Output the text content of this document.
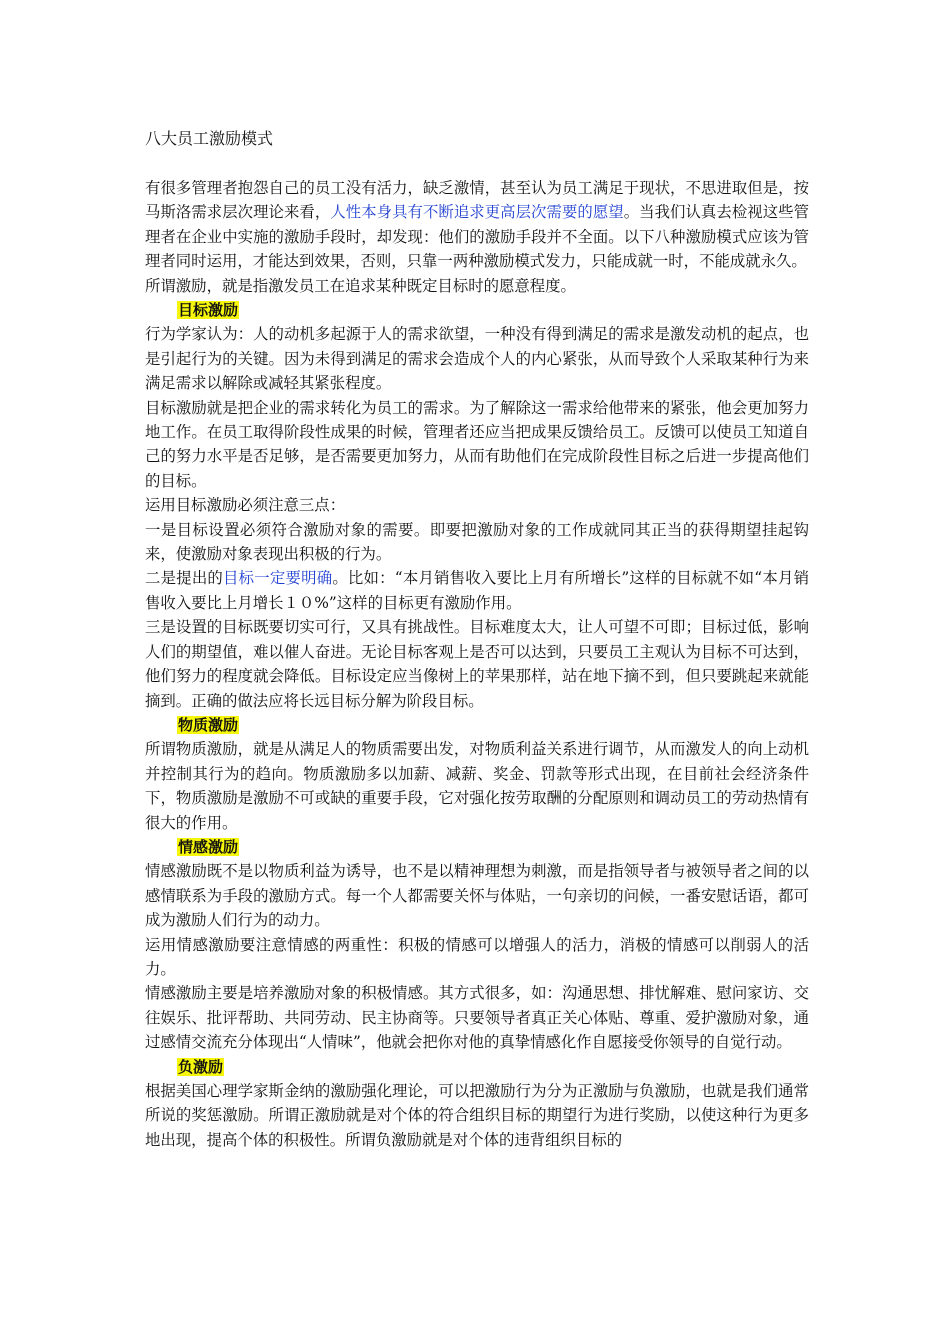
八大员工激励模式

有很多管理者抱怨自己的员工没有活力，缺乏激情，甚至认为员工满足于现状，不思进取但是，按马斯洛需求层次理论来看，人性本身具有不断追求更高层次需要的愿望。当我们认真去检视这些管理者在企业中实施的激励手段时，却发现：他们的激励手段并不全面。以下八种激励模式应该为管理者同时运用，才能达到效果，否则，只靠一两种激励模式发力，只能成就一时，不能成就永久。

所谓激励，就是指激发员工在追求某种既定目标时的愿意程度。

目标激励

行为学家认为：人的动机多起源于人的需求欲望，一种没有得到满足的需求是激发动机的起点，也是引起行为的关键。因为未得到满足的需求会造成个人的内心紧张，从而导致个人采取某种行为来满足需求以解除或减轻其紧张程度。

目标激励就是把企业的需求转化为员工的需求。为了解除这一需求给他带来的紧张，他会更加努力地工作。在员工取得阶段性成果的时候，管理者还应当把成果反馈给员工。反馈可以使员工知道自己的努力水平是否足够，是否需要更加努力，从而有助他们在完成阶段性目标之后进一步提高他们的目标。

运用目标激励必须注意三点：

一是目标设置必须符合激励对象的需要。即要把激励对象的工作成就同其正当的获得期望挂起钩来，使激励对象表现出积极的行为。

二是提出的目标一定要明确。比如：“本月销售收入要比上月有所增长”这样的目标就不如“本月销售收入要比上月增长１０%”这样的目标更有激励作用。

三是设置的目标既要切实可行，又具有挑战性。目标难度太大，让人可望不可即；目标过低，影响人们的期望值，难以催人奋进。无论目标客观上是否可以达到，只要员工主观认为目标不可达到，他们努力的程度就会降低。目标设定应当像树上的苹果那样，站在地下摘不到，但只要跳起来就能摘到。正确的做法应将长远目标分解为阶段目标。

物质激励

所谓物质激励，就是从满足人的物质需要出发，对物质利益关系进行调节，从而激发人的向上动机并控制其行为的趋向。物质激励多以加薪、减薪、奖金、罚款等形式出现，在目前社会经济条件下，物质激励是激励不可或缺的重要手段，它对强化按劳取酬的分配原则和调动员工的劳动热情有很大的作用。

情感激励

情感激励既不是以物质利益为诱导，也不是以精神理想为刺激，而是指领导者与被领导者之间的以感情联系为手段的激励方式。每一个人都需要关怀与体贴，一句亲切的问候，一番安慰话语，都可成为激励人们行为的动力。

运用情感激励要注意情感的两重性：积极的情感可以增强人的活力，消极的情感可以削弱人的活力。

情感激励主要是培养激励对象的积极情感。其方式很多，如：沟通思想、排忧解难、慰问家访、交往娱乐、批评帮助、共同劳动、民主协商等。只要领导者真正关心体贴、尊重、爱护激励对象，通过感情交流充分体现出“人情味”，他就会把你对他的真挚情感化作自愿接受你领导的自觉行动。

负激励

根据美国心理学家斯金纳的激励强化理论，可以把激励行为分为正激励与负激励，也就是我们通常所说的奖惩激励。所谓正激励就是对个体的符合组织目标的期望行为进行奖励，以使这种行为更多地出现，提高个体的积极性。所谓负激励就是对个体的违背组织目标的
